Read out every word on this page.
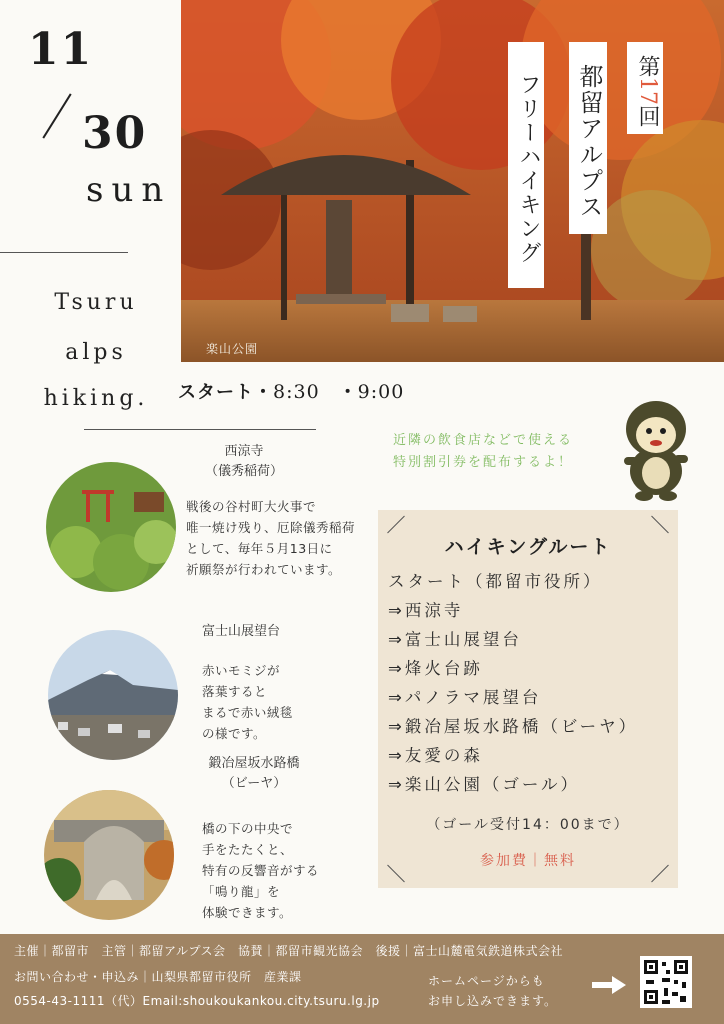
11
30
sun
Tsuru
alps
hiking.
楽山公園
第17回
都留アルプス
フリーハイキング
スタート・8:30　・9:00
近隣の飲食店などで使える
特別割引券を配布するよ！
西涼寺
（儀秀稲荷）
戦後の谷村町大火事で
唯一焼け残り、厄除儀秀稲荷
として、毎年５月13日に
祈願祭が行われています。
富士山展望台
赤いモミジが
落葉すると
まるで赤い絨毯
の様です。
鍛冶屋坂水路橋
（ビーヤ）
橋の下の中央で
手をたたくと、
特有の反響音がする
「鳴り龍」を
体験できます。
ハイキングルート
スタート（都留市役所）
⇒西涼寺
⇒富士山展望台
⇒烽火台跡
⇒パノラマ展望台
⇒鍛冶屋坂水路橋（ビーヤ）
⇒友愛の森
⇒楽山公園（ゴール）
（ゴール受付14：00まで）
参加費｜無料
主催｜都留市　主管｜都留アルプス会　協賛｜都留市観光協会　後援｜富士山麓電気鉄道株式会社
お問い合わせ・申込み｜山梨県都留市役所　産業課
0554-43-1111（代）Email:shoukoukankou.city.tsuru.lg.jp
ホームページからも
お申し込みできます。
